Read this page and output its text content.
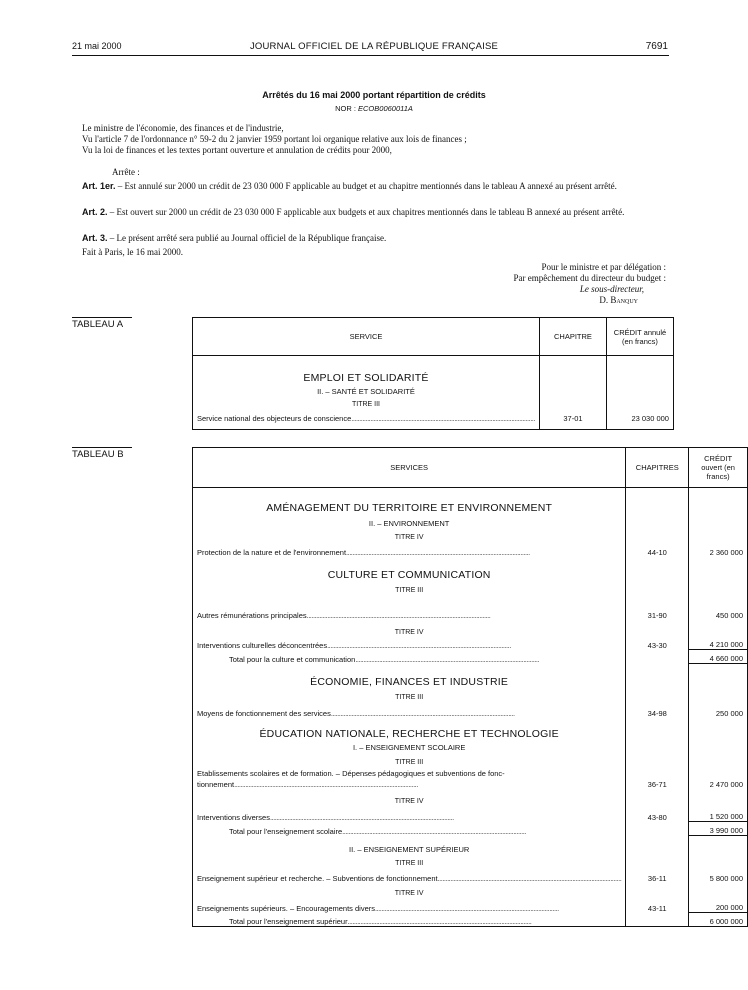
21 mai 2000	JOURNAL OFFICIEL DE LA RÉPUBLIQUE FRANÇAISE	7691
Arrêtés du 16 mai 2000 portant répartition de crédits
NOR : ECOB0060011A

Le ministre de l'économie, des finances et de l'industrie,

Vu l'article 7 de l'ordonnance n° 59-2 du 2 janvier 1959 portant loi organique relative aux lois de finances ;

Vu la loi de finances et les textes portant ouverture et annulation de crédits pour 2000,

Arrête :

Art. 1er. – Est annulé sur 2000 un crédit de 23 030 000 F applicable au budget et au chapitre mentionnés dans le tableau A annexé au présent arrêté.

Art. 2. – Est ouvert sur 2000 un crédit de 23 030 000 F applicable aux budgets et aux chapitres mentionnés dans le tableau B annexé au présent arrêté.

Art. 3. – Le présent arrêté sera publié au Journal officiel de la République française.

Fait à Paris, le 16 mai 2000.
Pour le ministre et par délégation :
Par empêchement du directeur du budget :
Le sous-directeur,
D. Banquy
TABLEAU A
SERVICE	CHAPITRE	CRÉDIT annulé (en francs)
EMPLOI ET SOLIDARITÉ		
II. – SANTÉ ET SOLIDARITÉ		
TITRE III		
Service national des objecteurs de conscience....................................................................................................................	37-01	23 030 000
TABLEAU B
SERVICES	CHAPITRES	CRÉDIT ouvert (en francs)
AMÉNAGEMENT DU TERRITOIRE ET ENVIRONNEMENT		
II. – ENVIRONNEMENT		
TITRE IV		
Protection de la nature et de l'environnement....................................................................................................................	44-10	2 360 000
CULTURE ET COMMUNICATION		
TITRE III		
Autres rémunérations principales....................................................................................................................	31-90	450 000
TITRE IV		
Interventions culturelles déconcentrées....................................................................................................................	43-30	4 210 000
Total pour la culture et communication....................................................................................................................		4 660 000
ÉCONOMIE, FINANCES ET INDUSTRIE		
TITRE III		
Moyens de fonctionnement des services....................................................................................................................	34-98	250 000
ÉDUCATION NATIONALE, RECHERCHE ET TECHNOLOGIE		
I. – ENSEIGNEMENT SCOLAIRE		
TITRE III		
Etablissements scolaires et de formation. – Dépenses pédagogiques et subventions de fonc-		
tionnement....................................................................................................................	36-71	2 470 000
TITRE IV		
Interventions diverses....................................................................................................................	43-80	1 520 000
Total pour l'enseignement scolaire....................................................................................................................		3 990 000
II. – ENSEIGNEMENT SUPÉRIEUR		
TITRE III		
Enseignement supérieur et recherche. – Subventions de fonctionnement....................................................................................................................	36-11	5 800 000
TITRE IV		
Enseignements supérieurs. – Encouragements divers....................................................................................................................	43-11	200 000
Total pour l'enseignement supérieur....................................................................................................................		6 000 000
